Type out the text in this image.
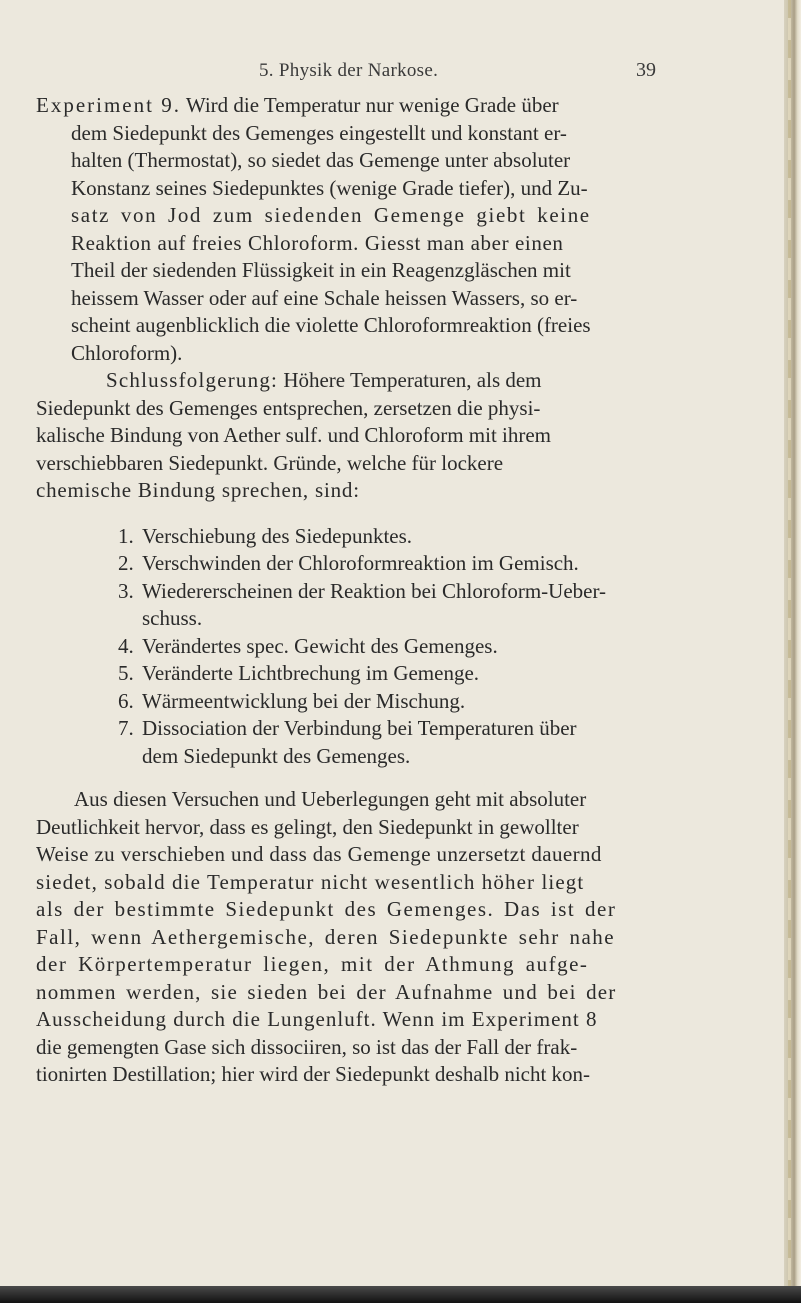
5. Physik der Narkose.	39

Experiment 9. Wird die Temperatur nur wenige Grade über
dem Siedepunkt des Gemenges eingestellt und konstant er-
halten (Thermostat), so siedet das Gemenge unter absoluter
Konstanz seines Siedepunktes (wenige Grade tiefer), und Zu-
satz von Jod zum siedenden Gemenge giebt keine
Reaktion auf freies Chloroform. Giesst man aber einen
Theil der siedenden Flüssigkeit in ein Reagenzgläschen mit
heissem Wasser oder auf eine Schale heissen Wassers, so er-
scheint augenblicklich die violette Chloroformreaktion (freies
Chloroform).

Schlussfolgerung: Höhere Temperaturen, als dem
Siedepunkt des Gemenges entsprechen, zersetzen die physi-
kalische Bindung von Aether sulf. und Chloroform mit ihrem
verschiebbaren Siedepunkt. Gründe, welche für lockere
chemische Bindung sprechen, sind:

1. Verschiebung des Siedepunktes.
2. Verschwinden der Chloroformreaktion im Gemisch.
3. Wiedererscheinen der Reaktion bei Chloroform-Ueber-
schuss.
4. Verändertes spec. Gewicht des Gemenges.
5. Veränderte Lichtbrechung im Gemenge.
6. Wärmeentwicklung bei der Mischung.
7. Dissociation der Verbindung bei Temperaturen über
dem Siedepunkt des Gemenges.

Aus diesen Versuchen und Ueberlegungen geht mit absoluter
Deutlichkeit hervor, dass es gelingt, den Siedepunkt in gewollter
Weise zu verschieben und dass das Gemenge unzersetzt dauernd
siedet, sobald die Temperatur nicht wesentlich höher liegt
als der bestimmte Siedepunkt des Gemenges. Das ist der
Fall, wenn Aethergemische, deren Siedepunkte sehr nahe
der Körpertemperatur liegen, mit der Athmung aufge-
nommen werden, sie sieden bei der Aufnahme und bei der
Ausscheidung durch die Lungenluft. Wenn im Experiment 8
die gemengten Gase sich dissociiren, so ist das der Fall der frak-
tionirten Destillation; hier wird der Siedepunkt deshalb nicht kon-
